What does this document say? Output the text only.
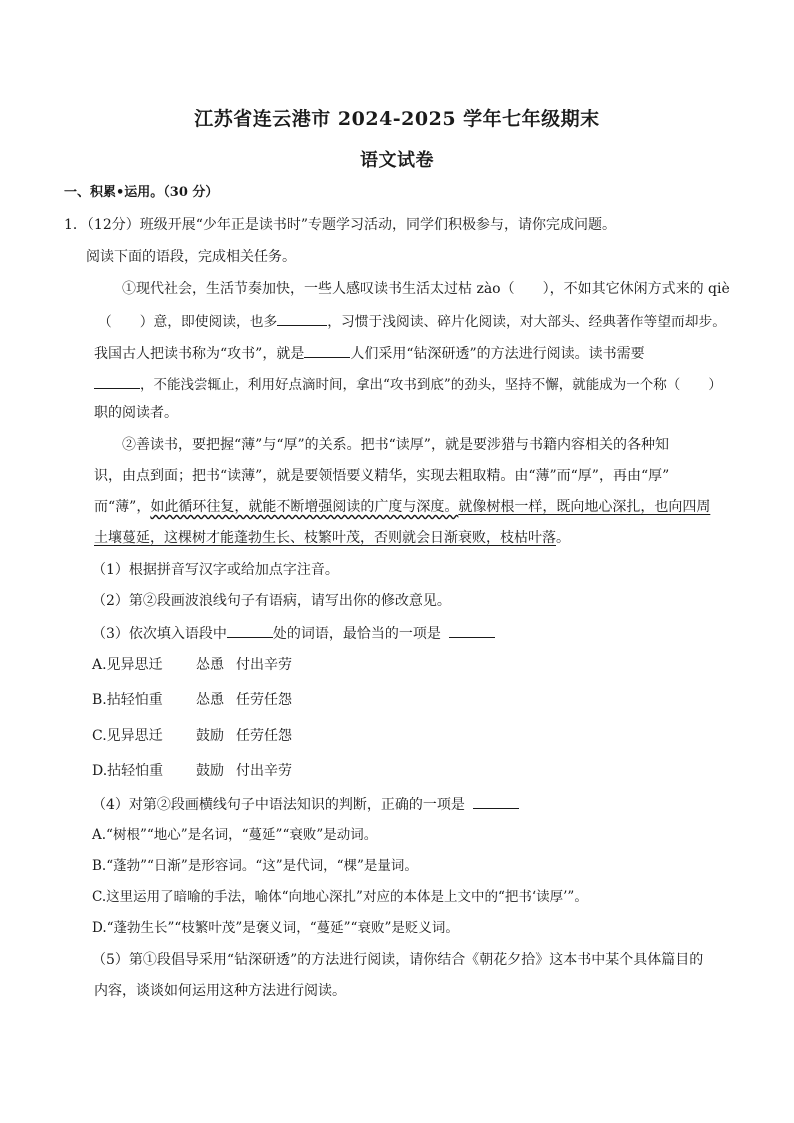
江苏省连云港市 2024-2025 学年七年级期末
语文试卷
一、积累•运用。（30 分）
1．（12分）班级开展“少年正是读书时”专题学习活动，同学们积极参与，请你完成问题。
阅读下面的语段，完成相关任务。
①现代社会，生活节奏加快，一些人感叹读书生活太过枯 zào（ ），不如其它休闲方式来的 qiè
（ ）意，即使阅读，也多	，习惯于浅阅读、碎片化阅读，对大部头、经典著作等望而却步。
我国古人把读书称为“攻书”，就是	人们采用“钻深研透”的方法进行阅读。读书需要
，不能浅尝辄止，利用好点滴时间，拿出“攻书到底”的劲头，坚持不懈，就能成为一个称（ ）
职的阅读者。
②善读书，要把握“薄”与“厚”的关系。把书“读厚”，就是要涉猎与书籍内容相关的各种知
识，由点到面；把书“读薄”，就是要领悟要义精华，实现去粗取精。由“薄”而“厚”，再由“厚”
而“薄”，如此循环往复，就能不断增强阅读的广度与深度。就像树根一样，既向地心深扎，也向四周
土壤蔓延，这棵树才能蓬勃生长、枝繁叶茂，否则就会日渐衰败，枝枯叶落。
（1）根据拼音写汉字或给加点字注音。
（2）第②段画波浪线句子有语病，请写出你的修改意见。
（3）依次填入语段中	处的词语，最恰当的一项是
A.见异思迁 怂恿 付出辛劳
B.拈轻怕重 怂恿 任劳任怨
C.见异思迁 鼓励 任劳任怨
D.拈轻怕重 鼓励 付出辛劳
（4）对第②段画横线句子中语法知识的判断，正确的一项是
A.“树根”“地心”是名词，“蔓延”“衰败”是动词。
B.“蓬勃”“日渐”是形容词。“这”是代词，“棵”是量词。
C.这里运用了暗喻的手法，喻体“向地心深扎”对应的本体是上文中的“把书‘读厚’”。
D.“蓬勃生长”“枝繁叶茂”是褒义词，“蔓延”“衰败”是贬义词。
（5）第①段倡导采用“钻深研透”的方法进行阅读，请你结合《朝花夕拾》这本书中某个具体篇目的
内容，谈谈如何运用这种方法进行阅读。
